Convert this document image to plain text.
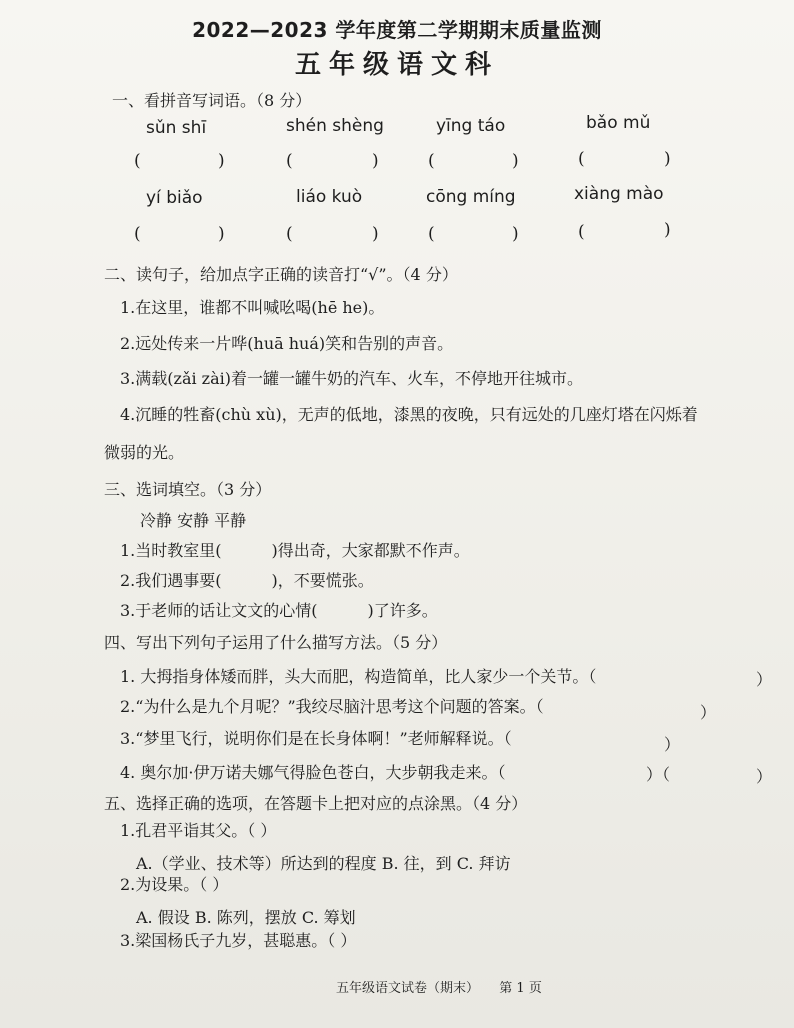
2022—2023 学年度第二学期期末质量监测
五年级语文科
一、看拼音写词语。（8 分）
sǔn shī	shén shèng	yīng táo	bǎo mǔ
(	)	(	)	(	)	(	)
yí biǎo	liáo kuò	cōng míng	xiàng mào
(	)	(	)	(	)	(	)
二、读句子，给加点字正确的读音打“√”。（4 分）
1.在这里，谁都不叫喊吆喝(hē he)。
2.远处传来一片哗(huā huá)笑和告别的声音。
3.满载(zǎi zài)着一罐一罐牛奶的汽车、火车，不停地开往城市。
4.沉睡的牲畜(chù xù)，无声的低地，漆黑的夜晚，只有远处的几座灯塔在闪烁着
微弱的光。
三、选词填空。（3 分）
冷静 安静 平静
1.当时教室里(	)得出奇，大家都默不作声。
2.我们遇事要(	)，不要慌张。
3.于老师的话让文文的心情(	)了许多。
四、写出下列句子运用了什么描写方法。（5 分）
1. 大拇指身体矮而胖，头大而肥，构造简单，比人家少一个关节。（	）
2.“为什么是九个月呢？”我绞尽脑汁思考这个问题的答案。（	）
3.“梦里飞行，说明你们是在长身体啊！”老师解释说。（	）
4. 奥尔加·伊万诺夫娜气得脸色苍白，大步朝我走来。（	）（	）
五、选择正确的选项，在答题卡上把对应的点涂黑。（4 分）
1.孔君平诣其父。（ ）
A.（学业、技术等）所达到的程度 B. 往，到 C. 拜访
2.为设果。（ ）
A. 假设 B. 陈列，摆放 C. 筹划
3.梁国杨氏子九岁，甚聪惠。（ ）
五年级语文试卷（期末） 第 1 页
